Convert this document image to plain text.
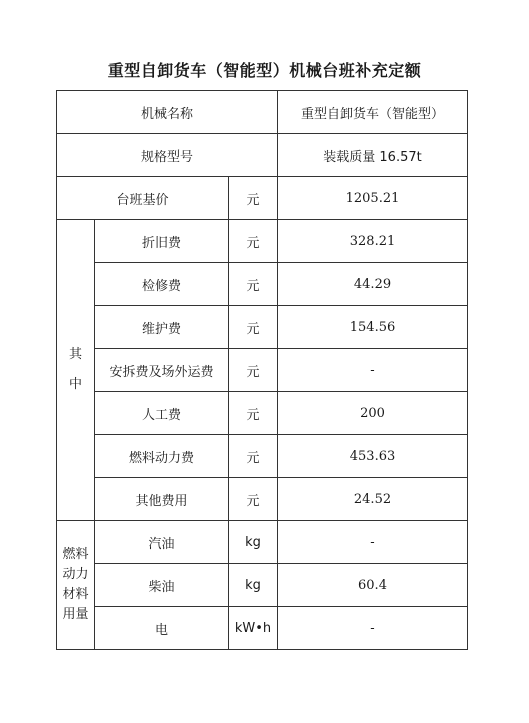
重型自卸货车（智能型）机械台班补充定额
机械名称			重型自卸货车（智能型）
规格型号			装载质量 16.57t
台班基价		元	1205.21
其
中	折旧费	元	328.21
	检修费	元	44.29
	维护费	元	154.56
	安拆费及场外运费	元	-
	人工费	元	200
	燃料动力费	元	453.63
	其他费用	元	24.52
燃料
动力
材料
用量	汽油	kg	-
	柴油	kg	60.4
	电	kW•h	-
